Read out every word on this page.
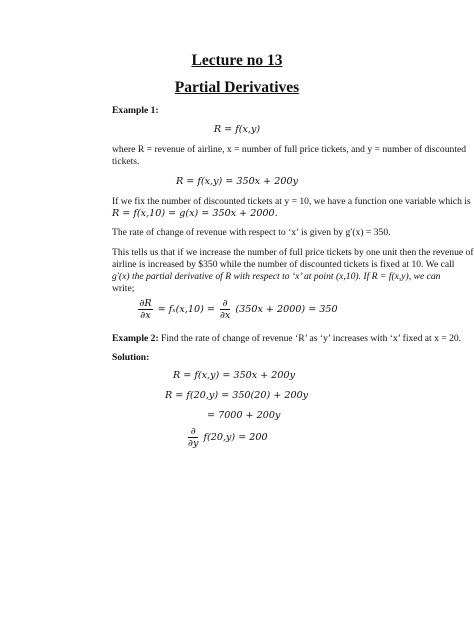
Lecture no 13
Partial Derivatives
Example 1:
R = f(x,y)
where R = revenue of airline, x = number of full price tickets, and y = number of discounted
tickets.
R = f(x,y) = 350x + 200y
If we fix the number of discounted tickets at y = 10, we have a function one variable which is
R = f(x,10) = g(x) = 350x + 2000.
The rate of change of revenue with respect to ‘x’ is given by g′(x) = 350.
This tells us that if we increase the number of full price tickets by one unit then the revenue of
airline is increased by $350 while the number of discounted tickets is fixed at 10. We call
g′(x) the partial derivative of R with respect to ‘x’ at point (x,10). If R = f(x,y), we can
write;
$\frac{\partial R}{\partial x} = f_x(x,10) = \frac{\partial}{\partial x} (350x + 2000) = 350$
Example 2: Find the rate of change of revenue ‘R’ as ‘y’ increases with ‘x’ fixed at x = 20.
Solution:
R = f(x,y) = 350x + 200y
R = f(20,y) = 350(20) + 200y
= 7000 + 200y
$\frac{\partial}{\partial y} f(20,y) = 200$
